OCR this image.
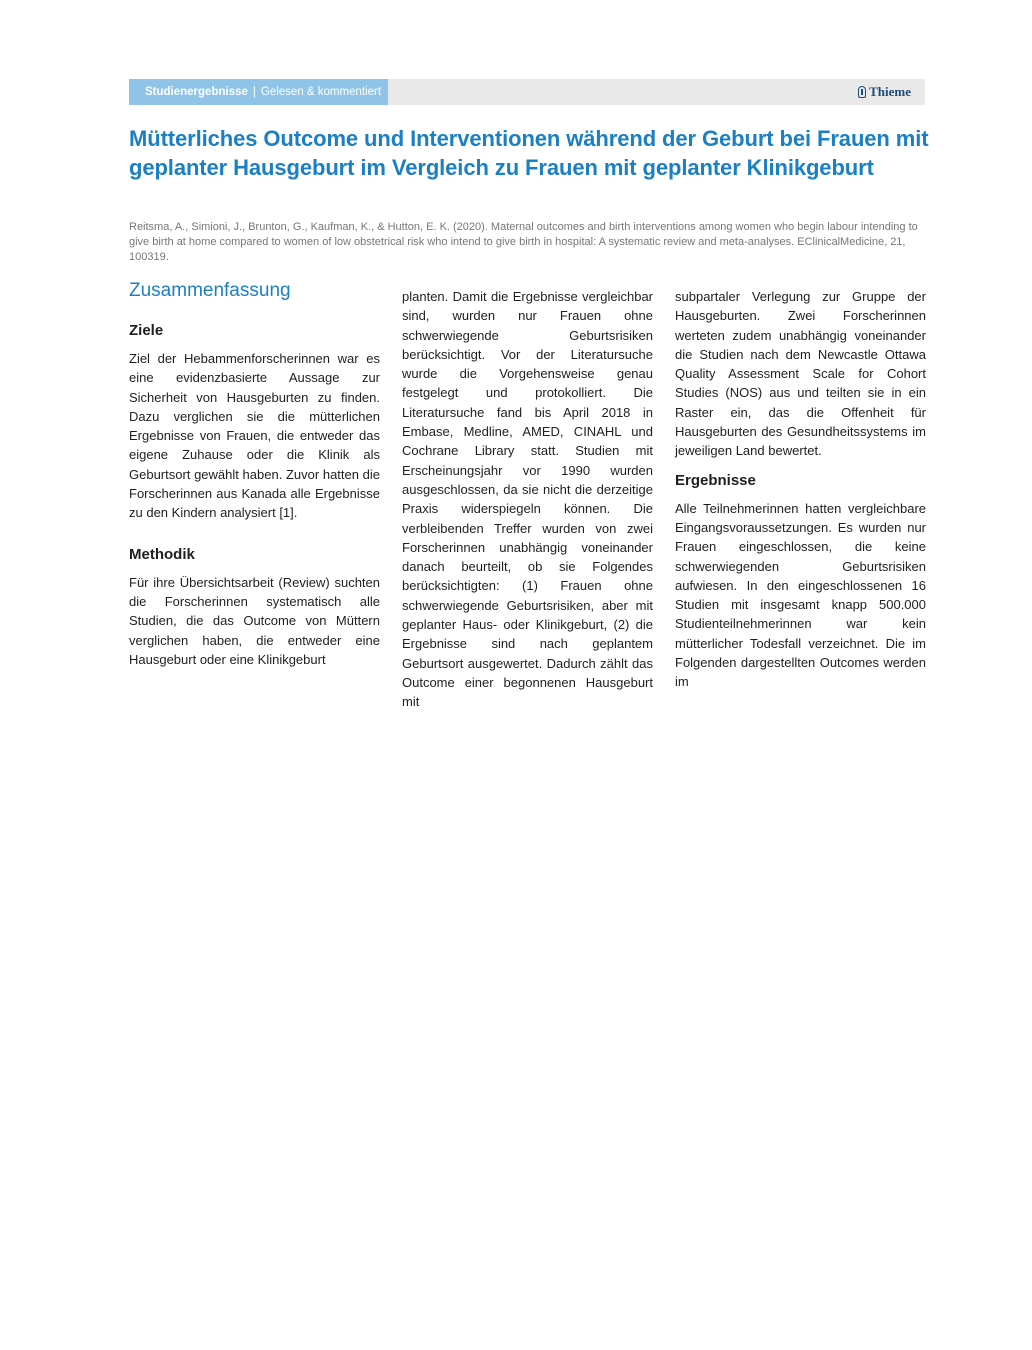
Studienergebnisse | Gelesen & kommentiert	Thieme
Mütterliches Outcome und Interventionen während der Geburt bei Frauen mit geplanter Hausgeburt im Vergleich zu Frauen mit geplanter Klinikgeburt

Reitsma, A., Simioni, J., Brunton, G., Kaufman, K., & Hutton, E. K. (2020). Maternal outcomes and birth interventions among women who begin labour intending to give birth at home compared to women of low obstetrical risk who intend to give birth in hospital: A systematic review and meta-analyses. EClinicalMedicine, 21, 100319.

Zusammenfassung
Ziele

Ziel der Hebammenforscherinnen war es eine evidenzbasierte Aussage zur Sicherheit von Hausgeburten zu finden. Dazu verglichen sie die mütterlichen Ergebnisse von Frauen, die entweder das eigene Zuhause oder die Klinik als Geburtsort gewählt haben. Zuvor hatten die Forscherinnen aus Kanada alle Ergebnisse zu den Kindern analysiert [1].

Methodik

Für ihre Übersichtsarbeit (Review) suchten die Forscherinnen systematisch alle Studien, die das Outcome von Müttern verglichen haben, die entweder eine Hausgeburt oder eine Klinikgeburt

planten. Damit die Ergebnisse vergleichbar sind, wurden nur Frauen ohne schwerwiegende Geburtsrisiken berücksichtigt. Vor der Literatursuche wurde die Vorgehensweise genau festgelegt und protokolliert. Die Literatursuche fand bis April 2018 in Embase, Medline, AMED, CINAHL und Cochrane Library statt. Studien mit Erscheinungsjahr vor 1990 wurden ausgeschlossen, da sie nicht die derzeitige Praxis widerspiegeln können. Die verbleibenden Treffer wurden von zwei Forscherinnen unabhängig voneinander danach beurteilt, ob sie Folgendes berücksichtigten: (1) Frauen ohne schwerwiegende Geburtsrisiken, aber mit geplanter Haus- oder Klinikgeburt, (2) die Ergebnisse sind nach geplantem Geburtsort ausgewertet. Dadurch zählt das Outcome einer begonnenen Hausgeburt mit

subpartaler Verlegung zur Gruppe der Hausgeburten. Zwei Forscherinnen werteten zudem unabhängig voneinander die Studien nach dem Newcastle Ottawa Quality Assessment Scale for Cohort Studies (NOS) aus und teilten sie in ein Raster ein, das die Offenheit für Hausgeburten des Gesundheitssystems im jeweiligen Land bewertet.

Ergebnisse

Alle Teilnehmerinnen hatten vergleichbare Eingangsvoraussetzungen. Es wurden nur Frauen eingeschlossen, die keine schwerwiegenden Geburtsrisiken aufwiesen. In den eingeschlossenen 16 Studien mit insgesamt knapp 500.000 Studienteilnehmerinnen war kein mütterlicher Todesfall verzeichnet. Die im Folgenden dargestellten Outcomes werden im
